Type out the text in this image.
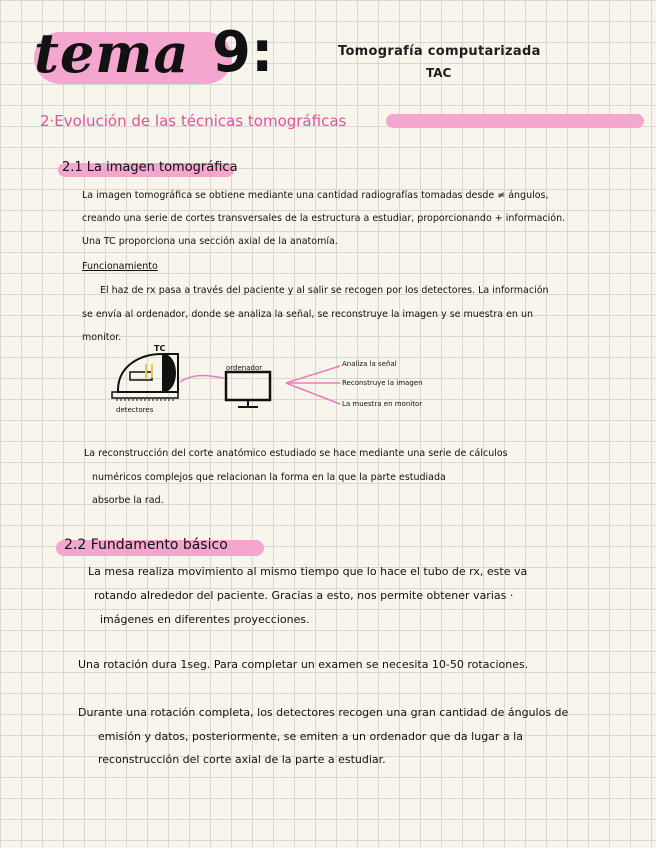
tema 9:	Tomografía computarizada
TAC
2·Evolución de las técnicas tomográficas
2.1 La imagen tomográfica
La imagen tomográfica se obtiene mediante una cantidad radiografías tomadas desde ≠ ángulos,
creando una serie de cortes transversales de la estructura a estudiar, proporcionando + información.
Una TC proporciona una sección axial de la anatomía.
Funcionamiento
El haz de rx pasa a través del paciente y al salir se recogen por los detectores. La información
se envía al ordenador, donde se analiza la señal, se reconstruye la imagen y se muestra en un
monitor.
TC
detectores
ordenador	Analiza la señal
Reconstruye la imagen
La muestra en monitor
La reconstrucción del corte anatómico estudiado se hace mediante una serie de cálculos
numéricos complejos que relacionan la forma en la que la parte estudiada
absorbe la rad.
2.2 Fundamento básico
La mesa realiza movimiento al mismo tiempo que lo hace el tubo de rx, este va
rotando alrededor del paciente. Gracias a esto, nos permite obtener varias ·
imágenes en diferentes proyecciones.
Una rotación dura 1seg. Para completar un examen se necesita 10-50 rotaciones.
Durante una rotación completa, los detectores recogen una gran cantidad de ángulos de
emisión y datos, posteriormente, se emiten a un ordenador que da lugar a la
reconstrucción del corte axial de la parte a estudiar.
